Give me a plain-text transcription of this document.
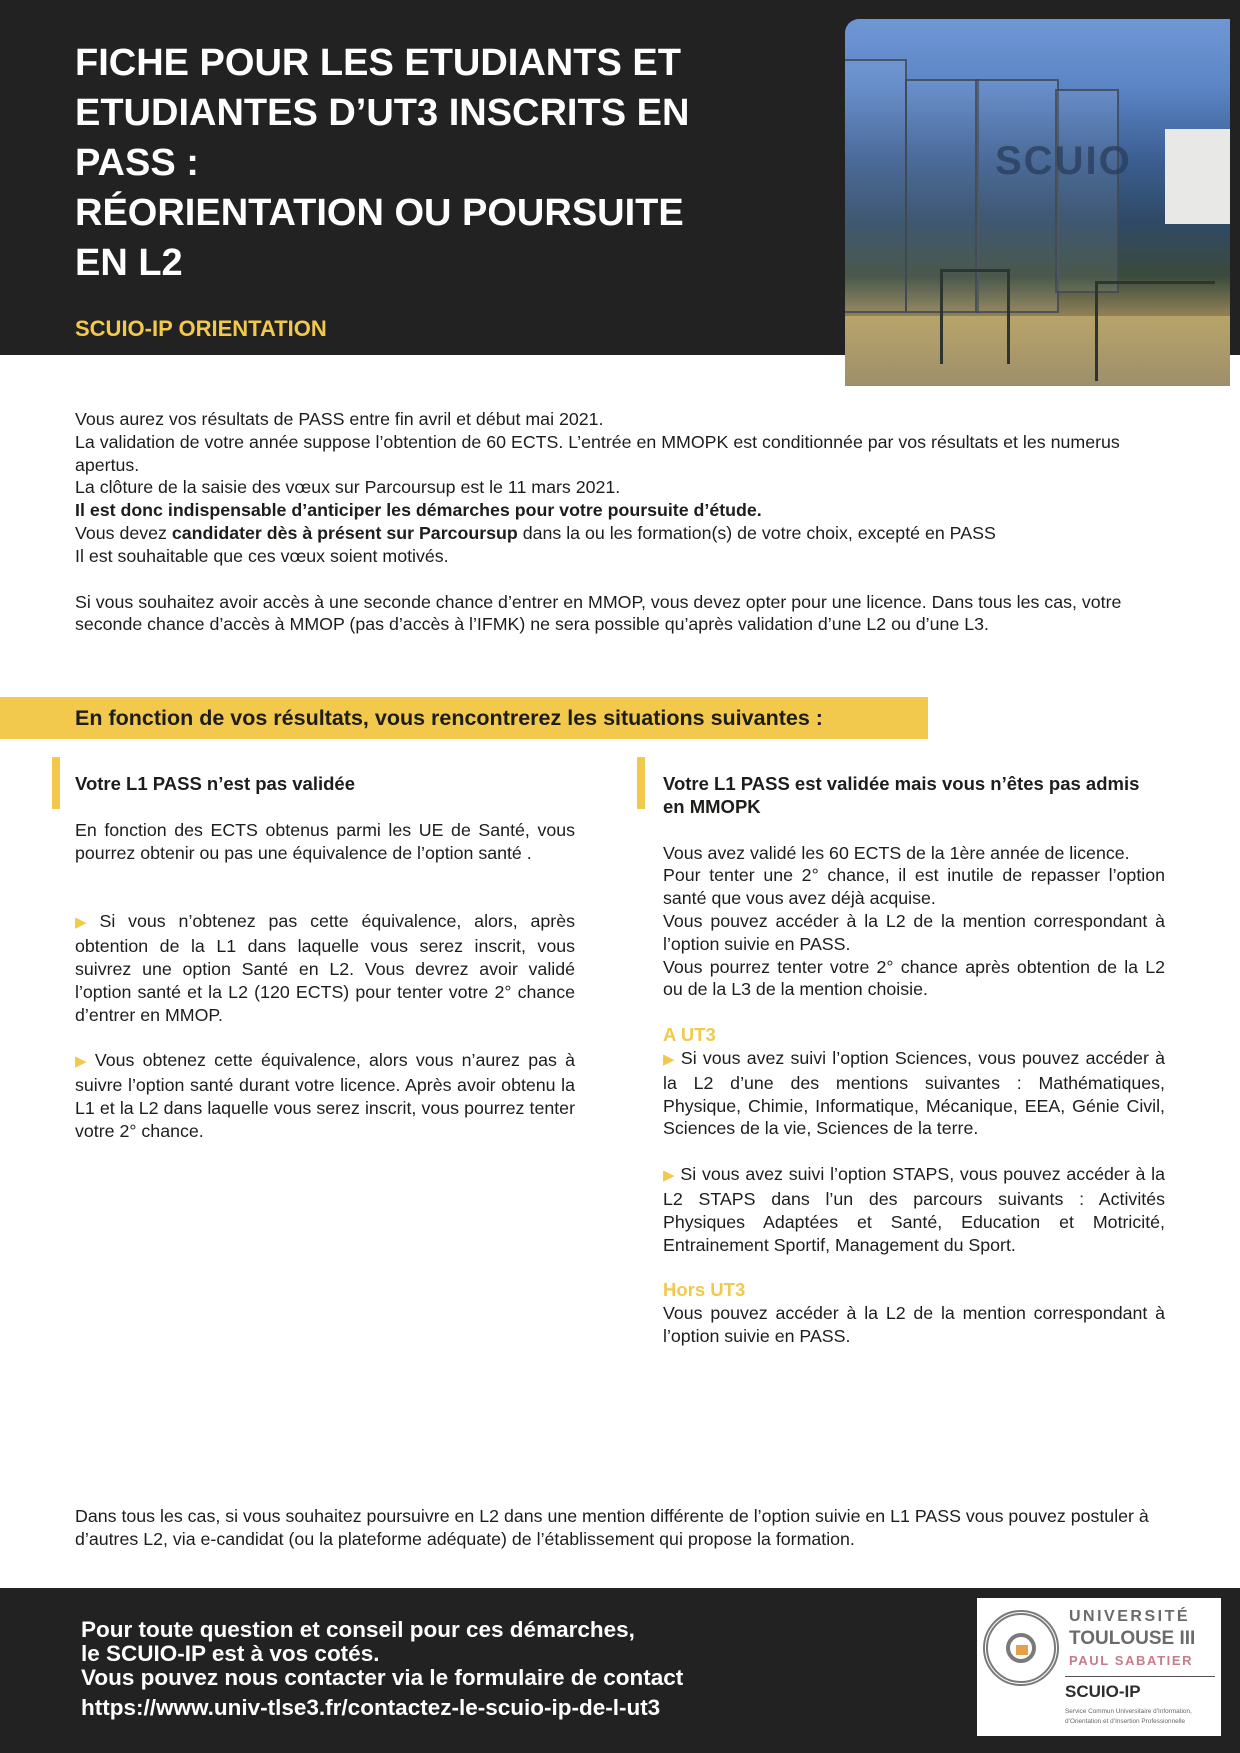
FICHE POUR LES ETUDIANTS ET
ETUDIANTES D’UT3 INSCRITS EN
PASS :
RÉORIENTATION OU POURSUITE
EN L2
SCUIO-IP ORIENTATION
SCUIO

Vous aurez vos résultats de PASS entre fin avril et début mai 2021.

La validation de votre année suppose l’obtention de 60 ECTS. L’entrée en MMOPK est conditionnée par vos résultats et les numerus apertus.

La clôture de la saisie des vœux sur Parcoursup est le 11 mars 2021.

Il est donc indispensable d’anticiper les démarches pour votre poursuite d’étude.

Vous devez candidater dès à présent sur Parcoursup dans la ou les formation(s) de votre choix, excepté en PASS

Il est souhaitable que ces vœux soient motivés.

Si vous souhaitez avoir accès à une seconde chance d’entrer en MMOP, vous devez opter pour une licence. Dans tous les cas, votre seconde chance d’accès à MMOP (pas d’accès à l’IFMK) ne sera possible qu’après validation d’une L2 ou d’une L3.

En fonction de vos résultats, vous rencontrerez les situations suivantes :
Votre L1 PASS n’est pas validée

En fonction des ECTS obtenus parmi les UE de Santé, vous pourrez obtenir ou pas une équivalence de l’option santé .

▶ Si vous n’obtenez pas cette équivalence, alors, après obtention de la L1 dans laquelle vous serez inscrit, vous suivrez une option Santé en L2. Vous devrez avoir validé l’option santé et la L2 (120 ECTS) pour tenter votre 2° chance d’entrer en MMOP.

▶ Vous obtenez cette équivalence, alors vous n’aurez pas à suivre l’option santé durant votre licence. Après avoir obtenu la L1 et la L2 dans laquelle vous serez inscrit, vous pourrez tenter votre 2° chance.

Votre L1 PASS est validée mais vous n’êtes pas admis en MMOPK

Vous avez validé les 60 ECTS de la 1ère année de licence.

Pour tenter une 2° chance, il est inutile de repasser l’option santé que vous avez déjà acquise.

Vous pouvez accéder à la L2 de la mention correspondant à l’option suivie en PASS.

Vous pourrez tenter votre 2° chance après obtention de la L2 ou de la L3 de la mention choisie.

A UT3

▶ Si vous avez suivi l’option Sciences, vous pouvez accéder à la L2 d’une des mentions suivantes : Mathématiques, Physique, Chimie, Informatique, Mécanique, EEA, Génie Civil, Sciences de la vie, Sciences de la terre.

▶ Si vous avez suivi l’option STAPS, vous pouvez accéder à la L2 STAPS dans l’un des parcours suivants : Activités Physiques Adaptées et Santé, Education et Motricité, Entrainement Sportif, Management du Sport.

Hors UT3

Vous pouvez accéder à la L2 de la mention correspondant à l’option suivie en PASS.

Dans tous les cas, si vous souhaitez poursuivre en L2 dans une mention différente de l’option suivie en L1 PASS vous pouvez postuler à d’autres L2, via e-candidat (ou la plateforme adéquate) de l’établissement qui propose la formation.
Pour toute question et conseil pour ces démarches,
le SCUIO-IP est à vos cotés.
Vous pouvez nous contacter via le formulaire de contact
https://www.univ-tlse3.fr/contactez-le-scuio-ip-de-l-ut3
UNIVERSITÉ
TOULOUSE III
PAUL SABATIER
SCUIO-IP
Service Commun Universitaire d’Information,
d’Orientation et d’Insertion Professionnelle
